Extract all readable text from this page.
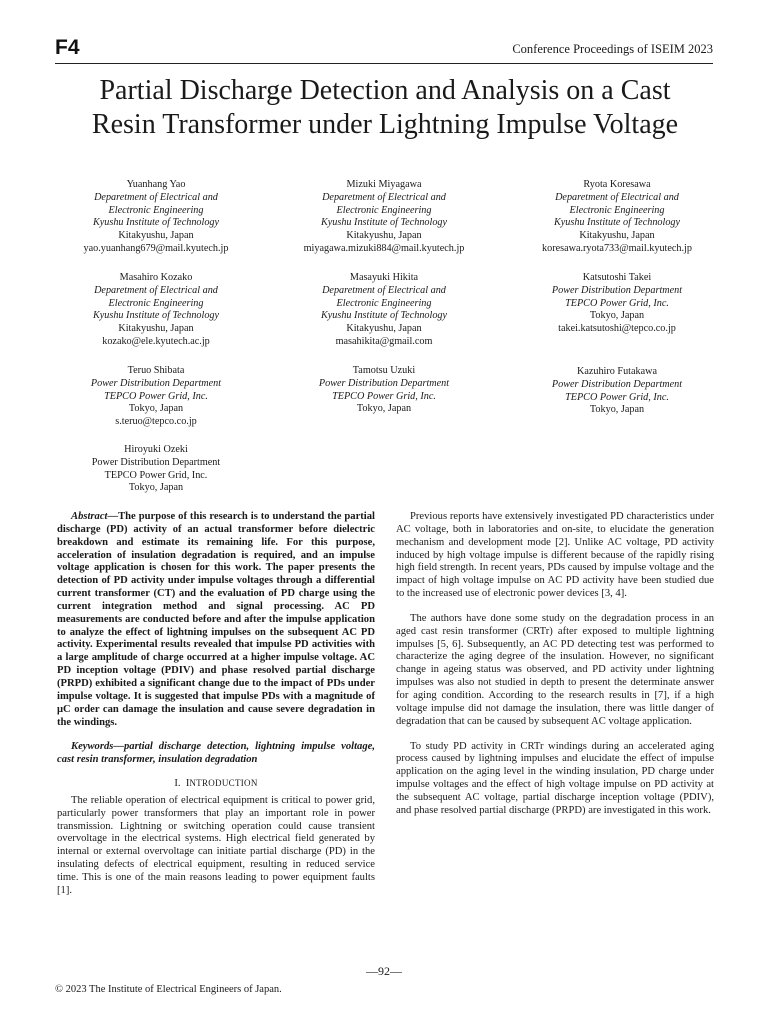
F4	Conference Proceedings of ISEIM 2023
Partial Discharge Detection and Analysis on a Cast
Resin Transformer under Lightning Impulse Voltage
Yuanhang Yao
Deparetment of Electrical and
Electronic Engineering
Kyushu Institute of Technology
Kitakyushu, Japan
yao.yuanhang679@mail.kyutech.jp
Mizuki Miyagawa
Deparetment of Electrical and
Electronic Engineering
Kyushu Institute of Technology
Kitakyushu, Japan
miyagawa.mizuki884@mail.kyutech.jp
Ryota Koresawa
Deparetment of Electrical and
Electronic Engineering
Kyushu Institute of Technology
Kitakyushu, Japan
koresawa.ryota733@mail.kyutech.jp
Masahiro Kozako
Deparetment of Electrical and
Electronic Engineering
Kyushu Institute of Technology
Kitakyushu, Japan
kozako@ele.kyutech.ac.jp
Masayuki Hikita
Deparetment of Electrical and
Electronic Engineering
Kyushu Institute of Technology
Kitakyushu, Japan
masahikita@gmail.com
Katsutoshi Takei
Power Distribution Department
TEPCO Power Grid, Inc.
Tokyo, Japan
takei.katsutoshi@tepco.co.jp
Teruo Shibata
Power Distribution Department
TEPCO Power Grid, Inc.
Tokyo, Japan
s.teruo@tepco.co.jp
Tamotsu Uzuki
Power Distribution Department
TEPCO Power Grid, Inc.
Tokyo, Japan
Kazuhiro Futakawa
Power Distribution Department
TEPCO Power Grid, Inc.
Tokyo, Japan
Hiroyuki Ozeki
Power Distribution Department
TEPCO Power Grid, Inc.
Tokyo, Japan

Abstract—The purpose of this research is to understand the partial discharge (PD) activity of an actual transformer before dielectric breakdown and estimate its remaining life. For this purpose, acceleration of insulation degradation is required, and an impulse voltage application is chosen for this work. The paper presents the detection of PD activity under impulse voltages through a differential current transformer (CT) and the evaluation of PD charge using the current integration method and signal processing. AC PD measurements are conducted before and after the impulse application to analyze the effect of lightning impulses on the subsequent AC PD activity. Experimental results revealed that impulse PD activities with a large amplitude of charge occurred at a higher impulse voltage. AC PD inception voltage (PDIV) and phase resolved partial discharge (PRPD) exhibited a significant change due to the impact of PDs under impulse voltage. It is suggested that impulse PDs with a magnitude of μC order can damage the insulation and cause severe degradation in the windings.

Keywords—partial discharge detection, lightning impulse voltage, cast resin transformer, insulation degradation

I. INTRODUCTION

The reliable operation of electrical equipment is critical to power grid, particularly power transformers that play an important role in power transmission. Lightning or switching operation could cause transient overvoltage in the electrical systems. High electrical field generated by internal or external overvoltage can initiate partial discharge (PD) in the insulating defects of electrical equipment, resulting in reduced service time. This is one of the main reasons leading to power equipment faults [1].

Previous reports have extensively investigated PD characteristics under AC voltage, both in laboratories and on-site, to elucidate the generation mechanism and development mode [2]. Unlike AC voltage, PD activity induced by high voltage impulse is different because of the rapidly rising high field strength. In recent years, PDs caused by impulse voltage and the impact of high voltage impulse on AC PD activity have been studied due to the increased use of electronic power devices [3, 4].

The authors have done some study on the degradation process in an aged cast resin transformer (CRTr) after exposed to multiple lightning impulses [5, 6]. Subsequently, an AC PD detecting test was performed to characterize the aging degree of the insulation. However, no significant change in ageing status was observed, and PD activity under lightning impulses was also not studied in depth to present the determinate answer for aging condition. According to the research results in [7], if a high voltage impulse did not damage the insulation, there was little danger of degradation that can be caused by subsequent AC voltage application.

To study PD activity in CRTr windings during an accelerated aging process caused by lightning impulses and elucidate the effect of impulse application on the aging level in the winding insulation, PD charge under impulse voltages and the effect of high voltage impulse on PD activity at the subsequent AC voltage, partial discharge inception voltage (PDIV), and phase resolved partial discharge (PRPD) are investigated in this work.

—92—
© 2023 The Institute of Electrical Engineers of Japan.
